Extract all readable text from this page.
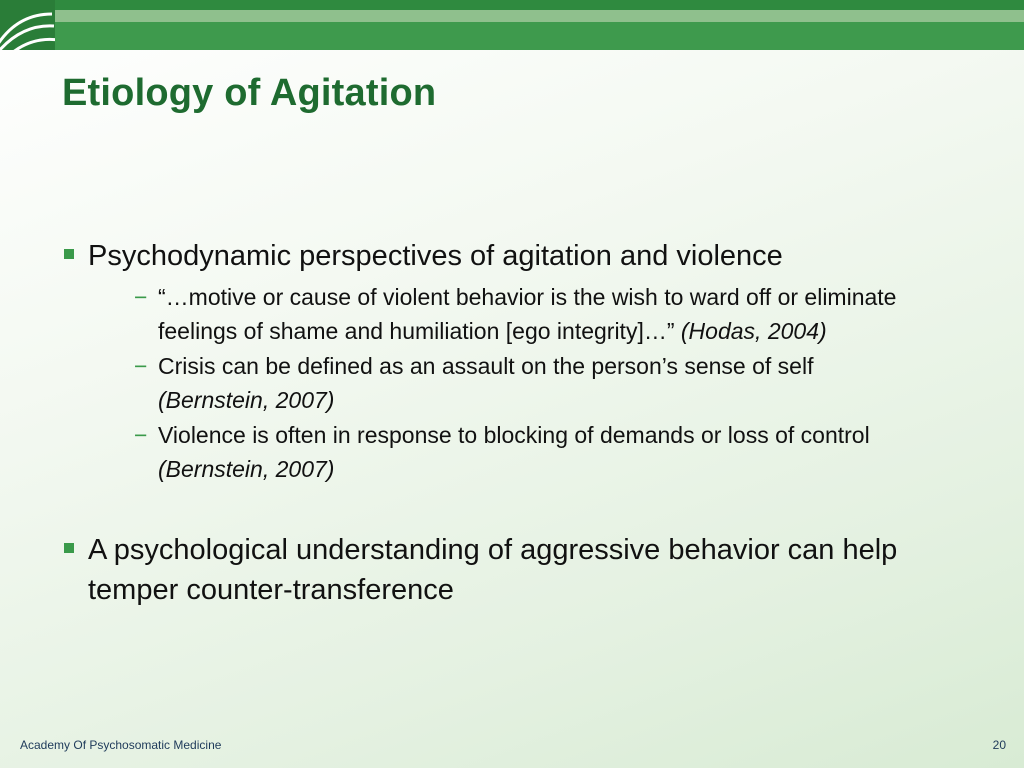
Etiology of Agitation
Psychodynamic perspectives of agitation and violence
− “…motive or cause of violent behavior is the wish to ward off or eliminate feelings of shame and humiliation [ego integrity]…” (Hodas, 2004)
− Crisis can be defined as an assault on the person’s sense of self
(Bernstein, 2007)
− Violence is often in response to blocking of demands or loss of control
(Bernstein, 2007)
A psychological understanding of aggressive behavior can help temper counter-transference
Academy Of Psychosomatic Medicine	20
